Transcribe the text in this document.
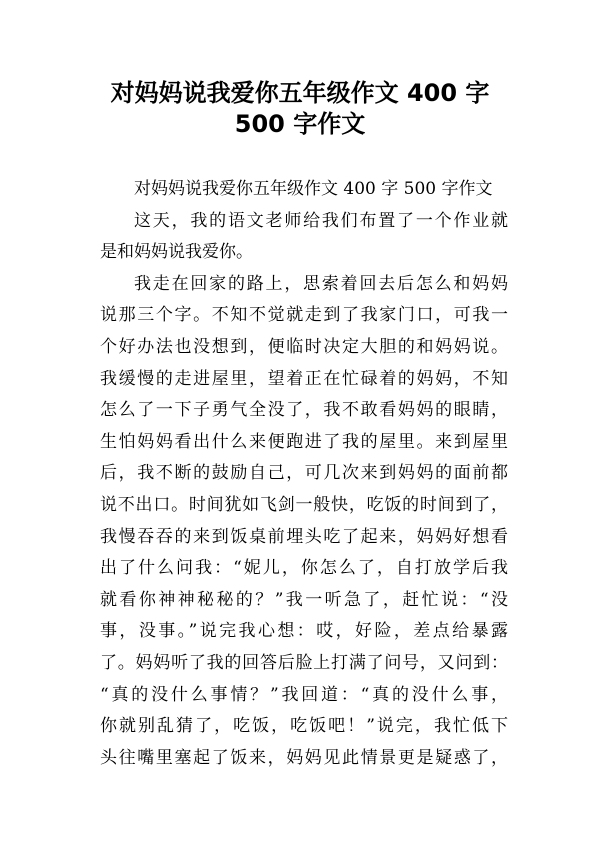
对妈妈说我爱你五年级作文 400 字
500 字作文
对妈妈说我爱你五年级作文 400 字 500 字作文
这天，我的语文老师给我们布置了一个作业就
是和妈妈说我爱你。
我走在回家的路上，思索着回去后怎么和妈妈
说那三个字。不知不觉就走到了我家门口，可我一
个好办法也没想到，便临时决定大胆的和妈妈说。
我缓慢的走进屋里，望着正在忙碌着的妈妈，不知
怎么了一下子勇气全没了，我不敢看妈妈的眼睛，
生怕妈妈看出什么来便跑进了我的屋里。来到屋里
后，我不断的鼓励自己，可几次来到妈妈的面前都
说不出口。时间犹如飞剑一般快，吃饭的时间到了，
我慢吞吞的来到饭桌前埋头吃了起来，妈妈好想看
出了什么问我：“妮儿，你怎么了，自打放学后我
就看你神神秘秘的？”我一听急了，赶忙说：“没
事，没事。”说完我心想：哎，好险，差点给暴露
了。妈妈听了我的回答后脸上打满了问号，又问到：
“真的没什么事情？”我回道：“真的没什么事，
你就别乱猜了，吃饭，吃饭吧！”说完，我忙低下
头往嘴里塞起了饭来，妈妈见此情景更是疑惑了，
